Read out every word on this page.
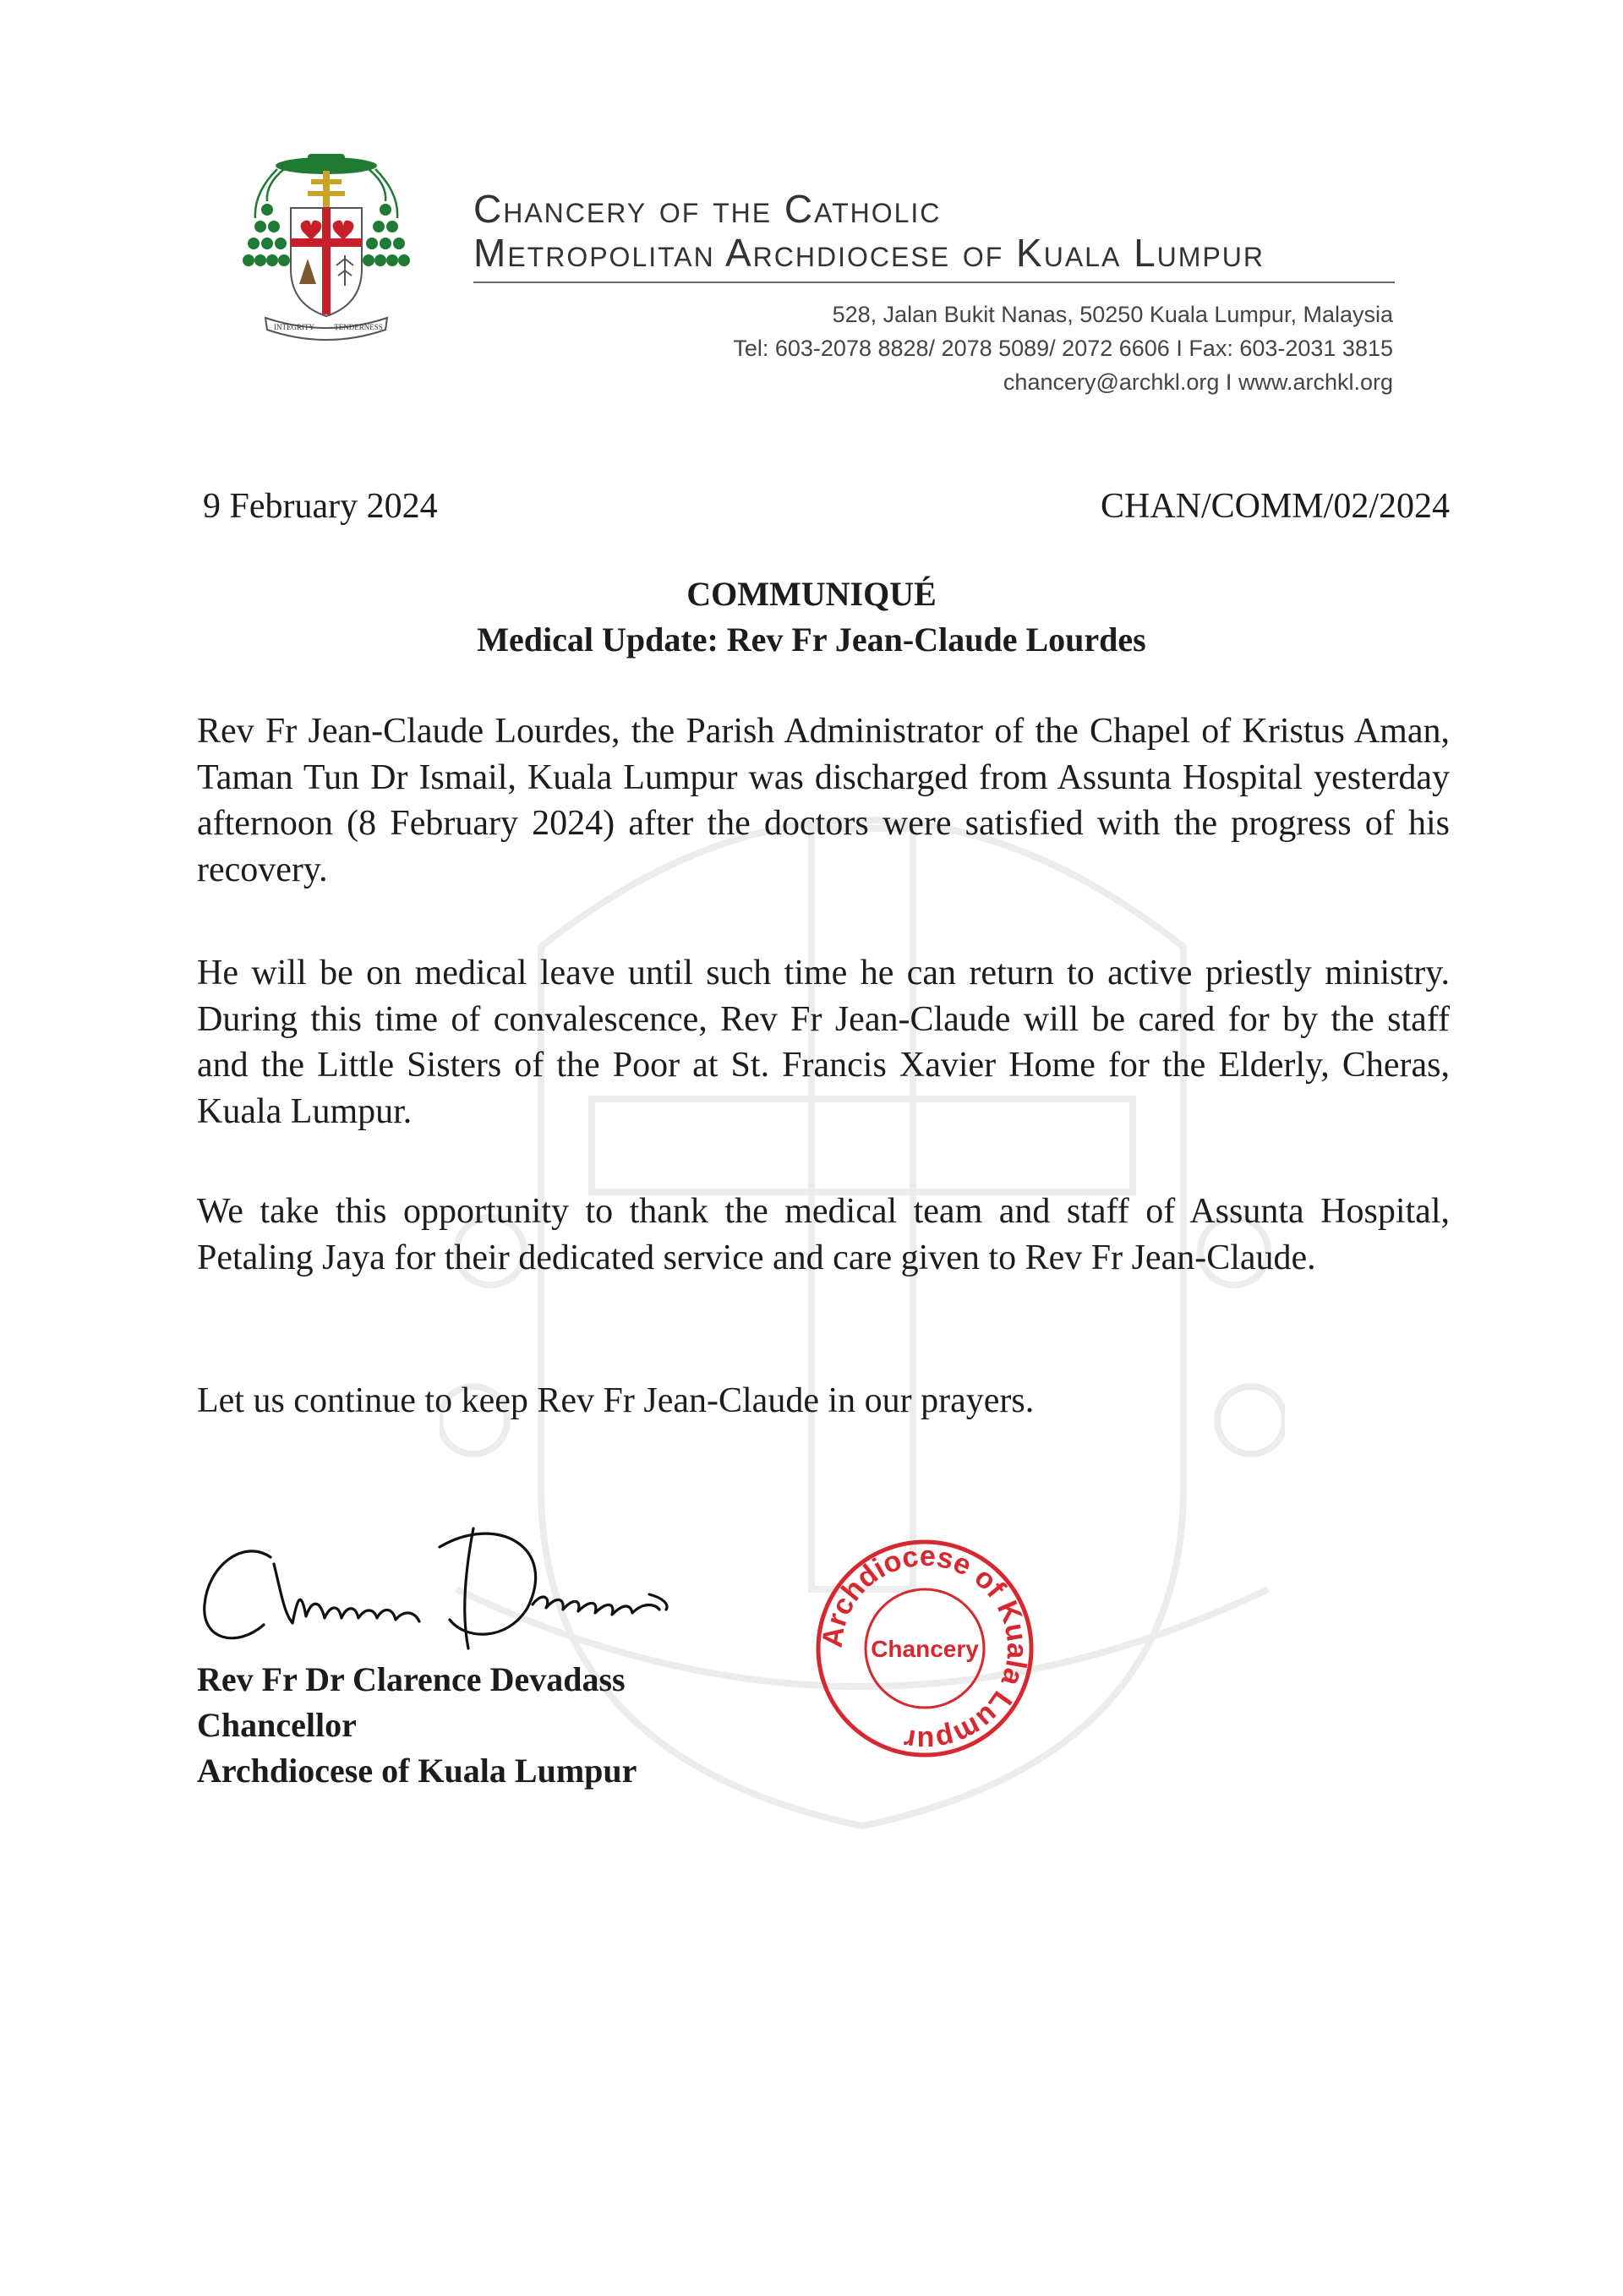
INTEGRITY	TENDERNESS
Chancery of the Catholic
Metropolitan Archdiocese of Kuala Lumpur
528, Jalan Bukit Nanas, 50250 Kuala Lumpur, Malaysia
Tel: 603-2078 8828/ 2078 5089/ 2072 6606 I Fax: 603-2031 3815
chancery@archkl.org I www.archkl.org
9 February 2024	CHAN/COMM/02/2024
COMMUNIQUÉ
Medical Update: Rev Fr Jean-Claude Lourdes

Rev Fr Jean-Claude Lourdes, the Parish Administrator of the Chapel of Kristus Aman, Taman Tun Dr Ismail, Kuala Lumpur was discharged from Assunta Hospital yesterday afternoon (8 February 2024) after the doctors were satisfied with the progress of his recovery.

He will be on medical leave until such time he can return to active priestly ministry. During this time of convalescence, Rev Fr Jean-Claude will be cared for by the staff and the Little Sisters of the Poor at St. Francis Xavier Home for the Elderly, Cheras, Kuala Lumpur.

We take this opportunity to thank the medical team and staff of Assunta Hospital, Petaling Jaya for their dedicated service and care given to Rev Fr Jean-Claude.

Let us continue to keep Rev Fr Jean-Claude in our prayers.

Rev Fr Dr Clarence Devadass
Chancellor
Archdiocese of Kuala Lumpur
Archdiocese of Kuala Lumpur
Chancery
